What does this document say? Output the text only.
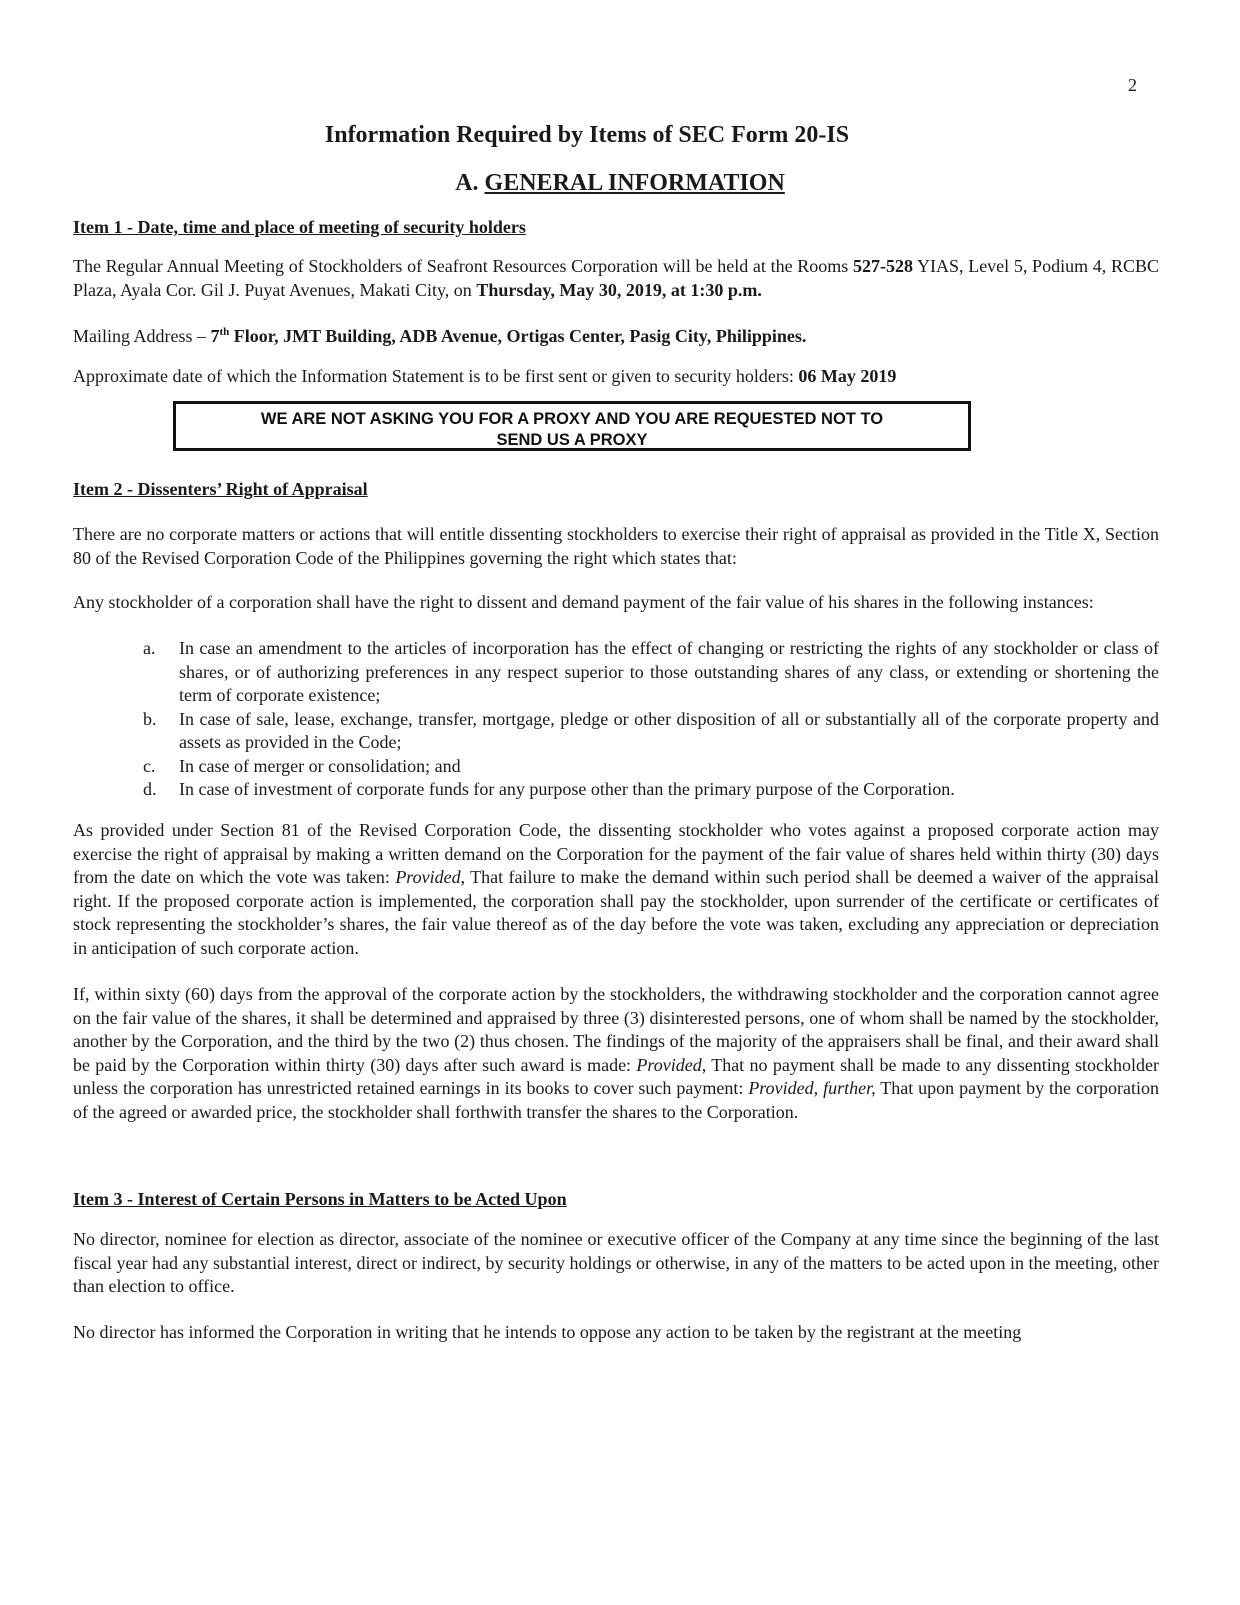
2
Information Required by Items of SEC Form 20-IS
A. GENERAL INFORMATION
Item 1 - Date, time and place of meeting of security holders
The Regular Annual Meeting of Stockholders of Seafront Resources Corporation will be held at the Rooms 527-528 YIAS, Level 5, Podium 4, RCBC Plaza, Ayala Cor. Gil J. Puyat Avenues, Makati City, on Thursday, May 30, 2019, at 1:30 p.m.
Mailing Address – 7th Floor, JMT Building, ADB Avenue, Ortigas Center, Pasig City, Philippines.
Approximate date of which the Information Statement is to be first sent or given to security holders: 06 May 2019
WE ARE NOT ASKING YOU FOR A PROXY AND YOU ARE REQUESTED NOT TO
SEND US A PROXY
Item 2 - Dissenters’ Right of Appraisal
There are no corporate matters or actions that will entitle dissenting stockholders to exercise their right of appraisal as provided in the Title X, Section 80 of the Revised Corporation Code of the Philippines governing the right which states that:
Any stockholder of a corporation shall have the right to dissent and demand payment of the fair value of his shares in the following instances:
a.	In case an amendment to the articles of incorporation has the effect of changing or restricting the rights of any stockholder or class of shares, or of authorizing preferences in any respect superior to those outstanding shares of any class, or extending or shortening the term of corporate existence;
b.	In case of sale, lease, exchange, transfer, mortgage, pledge or other disposition of all or substantially all of the corporate property and assets as provided in the Code;
c.	In case of merger or consolidation; and
d.	In case of investment of corporate funds for any purpose other than the primary purpose of the Corporation.
As provided under Section 81 of the Revised Corporation Code, the dissenting stockholder who votes against a proposed corporate action may exercise the right of appraisal by making a written demand on the Corporation for the payment of the fair value of shares held within thirty (30) days from the date on which the vote was taken: Provided, That failure to make the demand within such period shall be deemed a waiver of the appraisal right. If the proposed corporate action is implemented, the corporation shall pay the stockholder, upon surrender of the certificate or certificates of stock representing the stockholder’s shares, the fair value thereof as of the day before the vote was taken, excluding any appreciation or depreciation in anticipation of such corporate action.
If, within sixty (60) days from the approval of the corporate action by the stockholders, the withdrawing stockholder and the corporation cannot agree on the fair value of the shares, it shall be determined and appraised by three (3) disinterested persons, one of whom shall be named by the stockholder, another by the Corporation, and the third by the two (2) thus chosen. The findings of the majority of the appraisers shall be final, and their award shall be paid by the Corporation within thirty (30) days after such award is made: Provided, That no payment shall be made to any dissenting stockholder unless the corporation has unrestricted retained earnings in its books to cover such payment: Provided, further, That upon payment by the corporation of the agreed or awarded price, the stockholder shall forthwith transfer the shares to the Corporation.
Item 3 - Interest of Certain Persons in Matters to be Acted Upon
No director, nominee for election as director, associate of the nominee or executive officer of the Company at any time since the beginning of the last fiscal year had any substantial interest, direct or indirect, by security holdings or otherwise, in any of the matters to be acted upon in the meeting, other than election to office.
No director has informed the Corporation in writing that he intends to oppose any action to be taken by the registrant at the meeting
